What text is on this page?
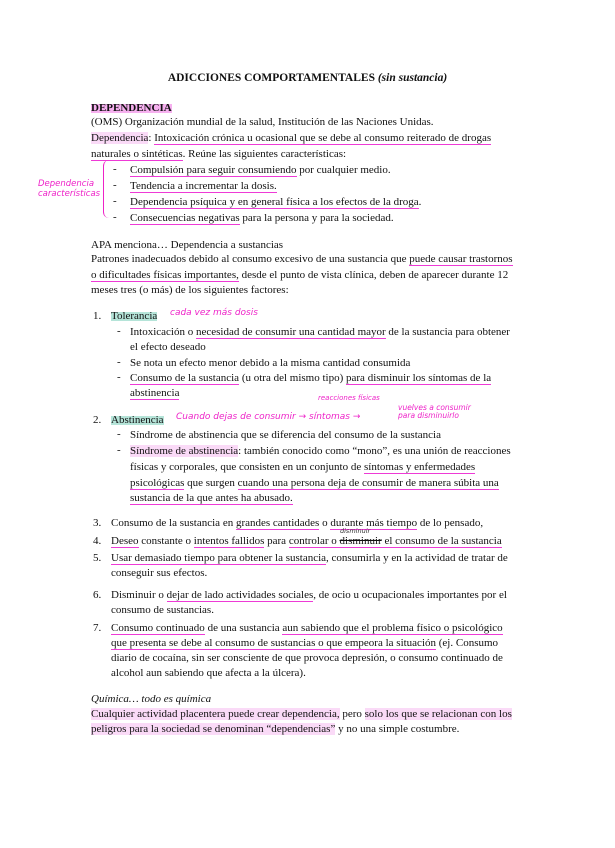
ADICCIONES COMPORTAMENTALES (sin sustancia)
DEPENDENCIA
(OMS) Organización mundial de la salud, Institución de las Naciones Unidas.
Dependencia: Intoxicación crónica u ocasional que se debe al consumo reiterado de drogas
naturales o sintéticas. Reúne las siguientes características:
- Compulsión para seguir consumiendo por cualquier medio.
- Tendencia a incrementar la dosis.
- Dependencia psíquica y en general física a los efectos de la droga.
- Consecuencias negativas para la persona y para la sociedad.
Dependencia
características
APA menciona… Dependencia a sustancias
Patrones inadecuados debido al consumo excesivo de una sustancia que puede causar trastornos
o dificultades físicas importantes, desde el punto de vista clínica, deben de aparecer durante 12
meses tres (o más) de los siguientes factores:
1. Tolerancia cada vez más dosis
- Intoxicación o necesidad de consumir una cantidad mayor de la sustancia para obtener
el efecto deseado
- Se nota un efecto menor debido a la misma cantidad consumida
- Consumo de la sustancia (u otra del mismo tipo) para disminuir los síntomas de la
abstinencia	reacciones físicas
vuelves a consumir
para disminuirlo
2. Abstinencia Cuando dejas de consumir → síntomas →
- Síndrome de abstinencia que se diferencia del consumo de la sustancia
- Síndrome de abstinencia: también conocido como “mono”, es una unión de reacciones
físicas y corporales, que consisten en un conjunto de síntomas y enfermedades
psicológicas que surgen cuando una persona deja de consumir de manera súbita una
sustancia de la que antes ha abusado.
3. Consumo de la sustancia en grandes cantidades o durante más tiempo de lo pensado,
disminuir
4. Deseo constante o intentos fallidos para controlar o disminuir el consumo de la sustancia
5. Usar demasiado tiempo para obtener la sustancia, consumirla y en la actividad de tratar de
conseguir sus efectos.
6. Disminuir o dejar de lado actividades sociales, de ocio u ocupacionales importantes por el
consumo de sustancias.
7. Consumo continuado de una sustancia aun sabiendo que el problema físico o psicológico
que presenta se debe al consumo de sustancias o que empeora la situación (ej. Consumo
diario de cocaína, sin ser consciente de que provoca depresión, o consumo continuado de
alcohol aun sabiendo que afecta a la úlcera).
Química… todo es química
Cualquier actividad placentera puede crear dependencia, pero solo los que se relacionan con los
peligros para la sociedad se denominan “dependencias” y no una simple costumbre.
